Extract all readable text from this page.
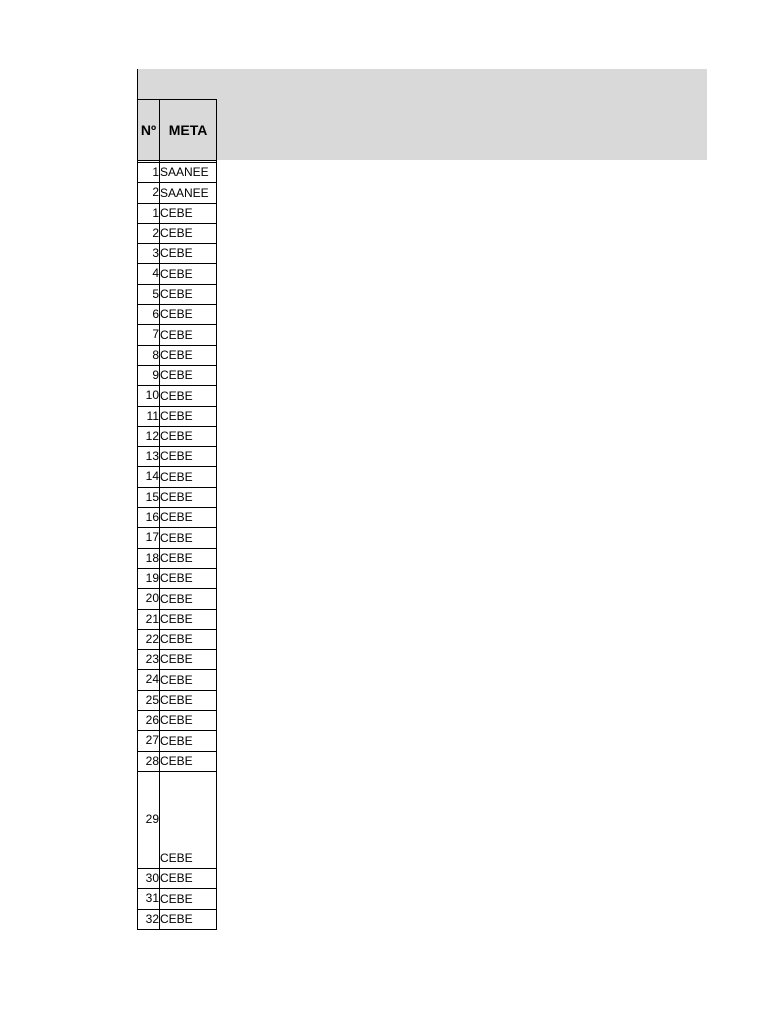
Nº	META

1	SAANEE
2	SAANEE
1	CEBE
2	CEBE
3	CEBE
4	CEBE
5	CEBE
6	CEBE
7	CEBE
8	CEBE
9	CEBE
10	CEBE
11	CEBE
12	CEBE
13	CEBE
14	CEBE
15	CEBE
16	CEBE
17	CEBE
18	CEBE
19	CEBE
20	CEBE
21	CEBE
22	CEBE
23	CEBE
24	CEBE
25	CEBE
26	CEBE
27	CEBE
28	CEBE
29	CEBE
30	CEBE
31	CEBE
32	CEBE
